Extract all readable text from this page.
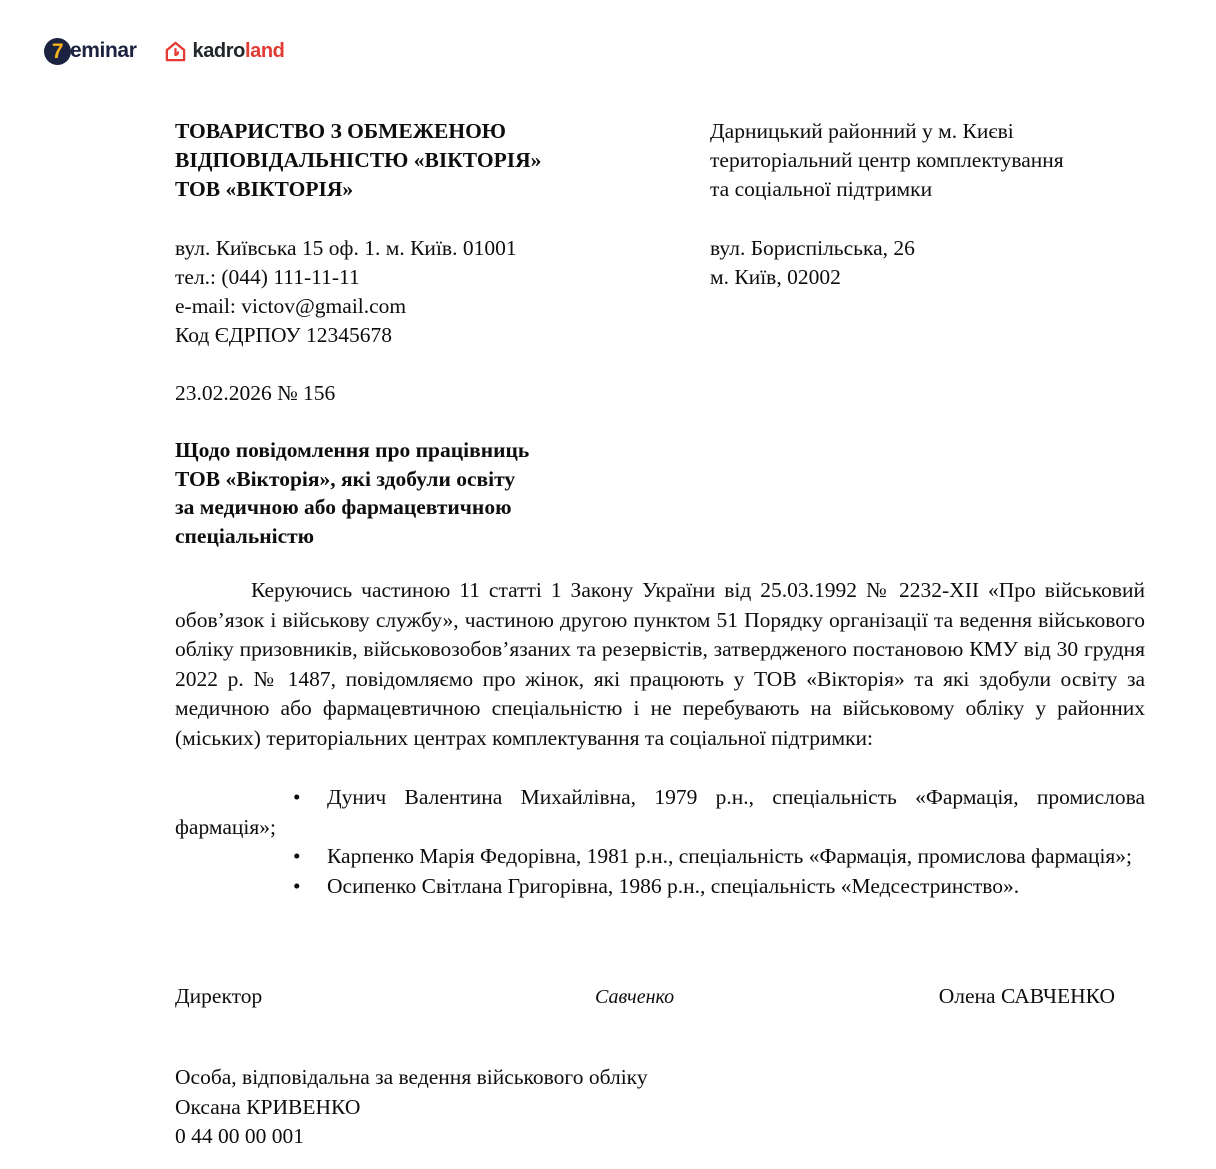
7 eminar	kadroland
ТОВАРИСТВО З ОБМЕЖЕНОЮ
ВІДПОВІДАЛЬНІСТЮ «ВІКТОРІЯ»
ТОВ «ВІКТОРІЯ»
Дарницький районний у м. Києві
територіальний центр комплектування
та соціальної підтримки
вул. Київська 15 оф. 1. м. Київ. 01001
тел.: (044) 111-11-11
e-mail: victov@gmail.com
Код ЄДРПОУ 12345678
вул. Бориспільська, 26
м. Київ, 02002
23.02.2026 № 156
Щодо повідомлення про працівниць
ТОВ «Вікторія», які здобули освіту
за медичною або фармацевтичною
спеціальністю
Керуючись частиною 11 статті 1 Закону України від 25.03.1992 № 2232-XII «Про військовий обов’язок і військову службу», частиною другою пунктом 51 Порядку організації та ведення військового обліку призовників, військовозобов’язаних та резервістів, затвердженого постановою КМУ від 30 грудня 2022 р. № 1487, повідомляємо про жінок, які працюють у ТОВ «Вікторія» та які здобули освіту за медичною або фармацевтичною спеціальністю і не перебувають на військовому обліку у районних (міських) територіальних центрах комплектування та соціальної підтримки:
• Дунич Валентина Михайлівна, 1979 р.н., спеціальність «Фармація, промислова фармація»;
• Карпенко Марія Федорівна, 1981 р.н., спеціальність «Фармація, промислова фармація»;
• Осипенко Світлана Григорівна, 1986 р.н., спеціальність «Медсестринство».
Директор	Савченко	Олена САВЧЕНКО
Особа, відповідальна за ведення військового обліку
Оксана КРИВЕНКО
0 44 00 00 001
